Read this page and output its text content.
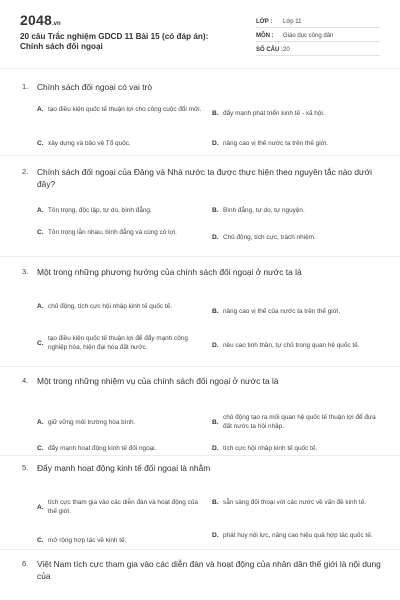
2048.vn
20 câu Trắc nghiệm GDCD 11 Bài 15 (có đáp án): Chính sách đối ngoại
LỚP :	Lớp 11
MÔN :	Giáo dục công dân
SỐ CÂU : 20
1.	Chính sách đối ngoại có vai trò
A. tạo điều kiện quốc tế thuận lợi cho công cuộc đổi mới.
B. đẩy mạnh phát triển kinh tế - xã hội.
C. xây dựng và bảo vệ Tổ quốc.	D. nâng cao vị thế nước ta trên thế giới.
2.	Chính sách đối ngoại của Đảng và Nhà nước ta được thực hiện theo nguyên tắc nào dưới đây?
A. Tôn trọng, độc lập, tự do, bình đẳng.	B. Bình đẳng, tự do, tự nguyện.
C. Tôn trọng lẫn nhau, bình đẳng và cùng có lợi.
D. Chủ động, tích cực, trách nhiệm.
3.	Một trong những phương hướng của chính sách đối ngoại ở nước ta là
A. chủ động, tích cực hội nhập kinh tế quốc tế.
B. nâng cao vị thế của nước ta trên thế giới.
C.
tạo điều kiện quốc tế thuận lợi để đẩy mạnh công nghiệp hóa, hiện đại hóa đất nước.	D. nêu cao tinh thần, tự chủ trong quan hệ quốc tế.
4.	Một trong những nhiệm vụ của chính sách đối ngoại ở nước ta là
A. giữ vững môi trường hòa bình.	B.
chủ động tạo ra mối quan hệ quốc tế thuận lợi để đưa đất nước ta hội nhập.
C. đẩy mạnh hoạt động kinh tế đối ngoại.	D. tích cực hội nhập kinh tế quốc tế.
5.	Đẩy mạnh hoạt động kinh tế đối ngoại là nhằm
A.
tích cực tham gia vào các diễn đàn và hoạt động của thế giới.
B. sẵn sàng đối thoại với các nước về vấn đề kinh tế.
C. mở rộng hợp tác về kinh tế.
D. phát huy nội lực, nâng cao hiệu quả hợp tác quốc tế.
6.	Việt Nam tích cực tham gia vào các diễn đàn và hoạt động của nhân dân thế giới là nội dung của
